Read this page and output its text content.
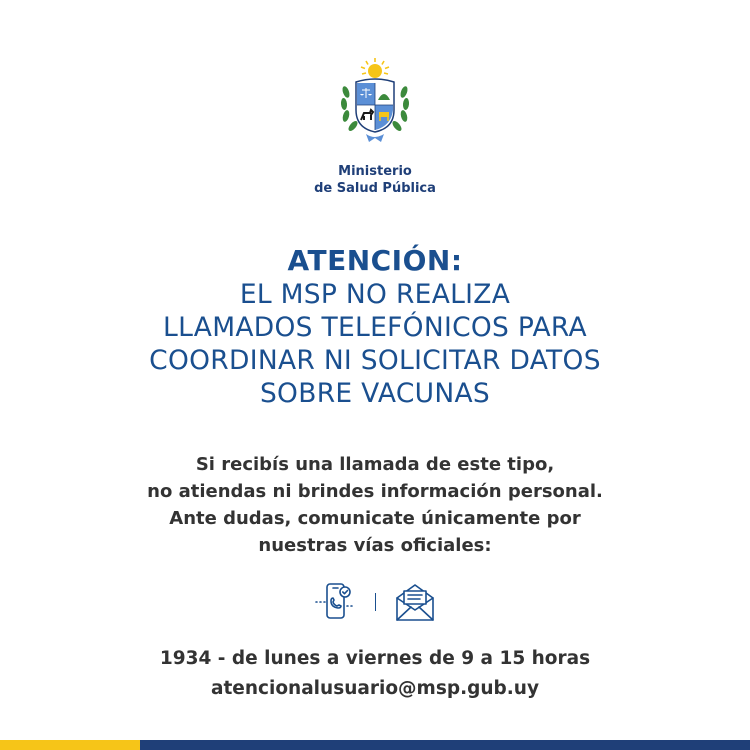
Ministerio
de Salud Pública
ATENCIÓN:
EL MSP NO REALIZA
LLAMADOS TELEFÓNICOS PARA
COORDINAR NI SOLICITAR DATOS
SOBRE VACUNAS
Si recibís una llamada de este tipo,
no atiendas ni brindes información personal.
Ante dudas, comunicate únicamente por
nuestras vías oficiales:
1934 - de lunes a viernes de 9 a 15 horas
atencionalusuario@msp.gub.uy
